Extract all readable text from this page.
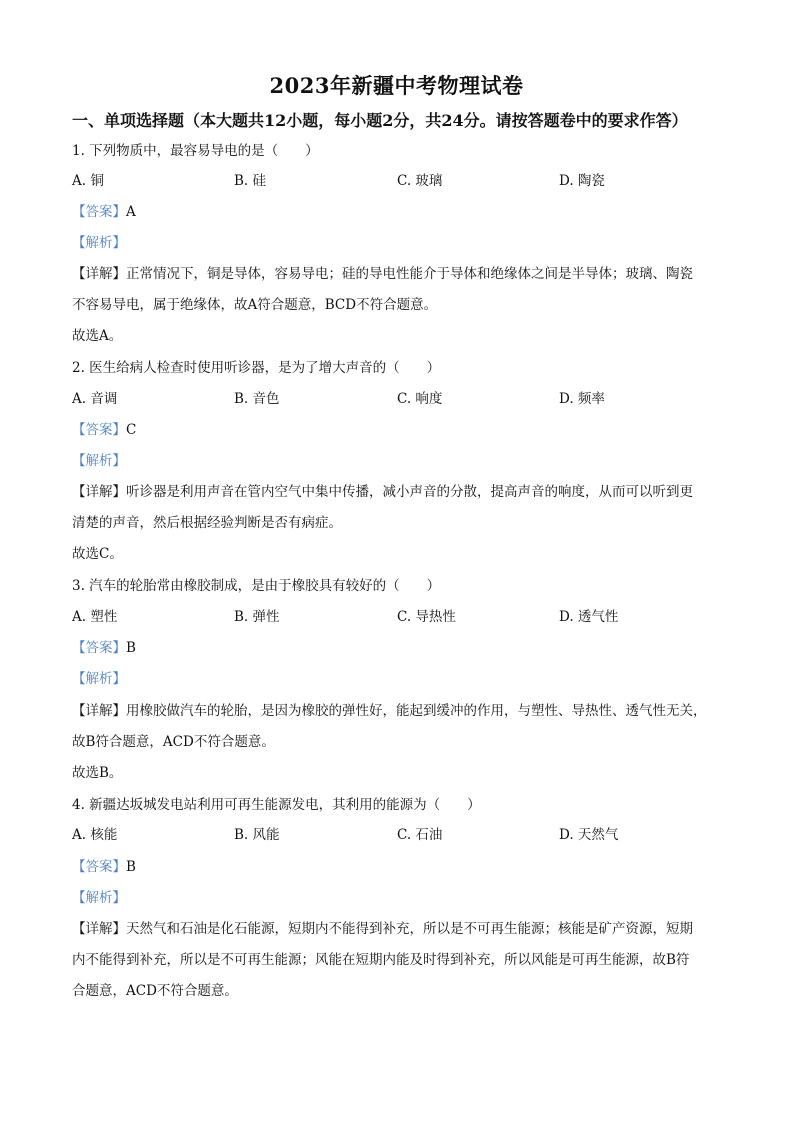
2023年新疆中考物理试卷
一、单项选择题（本大题共12小题，每小题2分，共24分。请按答题卷中的要求作答）
1. 下列物质中，最容易导电的是（　　）
A. 铜	B. 硅	C. 玻璃	D. 陶瓷
【答案】A
【解析】
【详解】正常情况下，铜是导体，容易导电；硅的导电性能介于导体和绝缘体之间是半导体；玻璃、陶瓷
不容易导电，属于绝缘体，故A符合题意，BCD不符合题意。
故选A。
2. 医生给病人检查时使用听诊器，是为了增大声音的（　　）
A. 音调	B. 音色	C. 响度	D. 频率
【答案】C
【解析】
【详解】听诊器是利用声音在管内空气中集中传播，减小声音的分散，提高声音的响度，从而可以听到更
清楚的声音，然后根据经验判断是否有病症。
故选C。
3. 汽车的轮胎常由橡胶制成，是由于橡胶具有较好的（　　）
A. 塑性	B. 弹性	C. 导热性	D. 透气性
【答案】B
【解析】
【详解】用橡胶做汽车的轮胎，是因为橡胶的弹性好，能起到缓冲的作用，与塑性、导热性、透气性无关，
故B符合题意，ACD不符合题意。
故选B。
4. 新疆达坂城发电站利用可再生能源发电，其利用的能源为（　　）
A. 核能	B. 风能	C. 石油	D. 天然气
【答案】B
【解析】
【详解】天然气和石油是化石能源，短期内不能得到补充，所以是不可再生能源；核能是矿产资源，短期
内不能得到补充，所以是不可再生能源；风能在短期内能及时得到补充，所以风能是可再生能源，故B符
合题意，ACD不符合题意。
